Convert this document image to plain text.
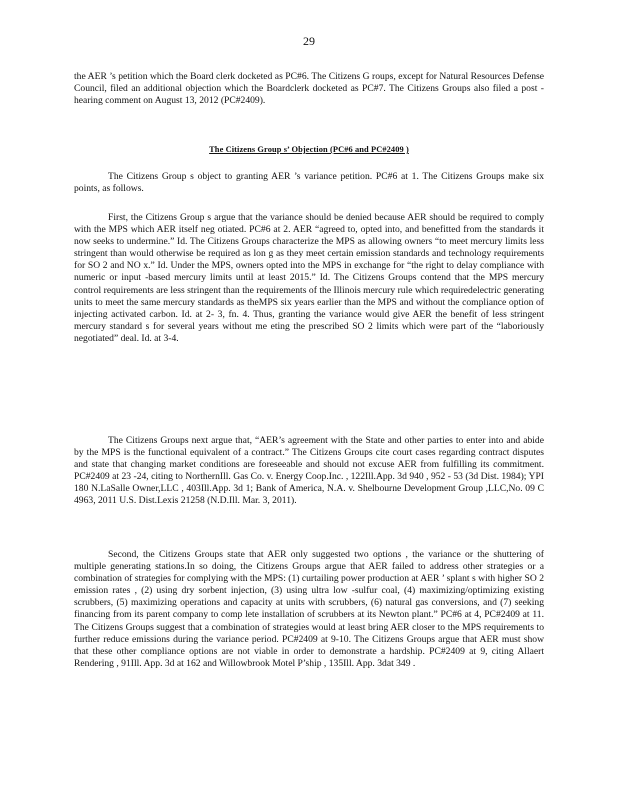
29

the AER ’s petition which the Board clerk docketed as PC#6. The Citizens G roups, except for Natural Resources Defense Council, filed an additional objection which the Boardclerk docketed as PC#7. The Citizens Groups also filed a post -hearing comment on August 13, 2012 (PC#2409).

The Citizens Group s’ Objection (PC#6 and PC#2409 )

The Citizens Group s object to granting AER ’s variance petition. PC#6 at 1. The Citizens Groups make six points, as follows.

First, the Citizens Group s argue that the variance should be denied because AER should be required to comply with the MPS which AER itself neg otiated. PC#6 at 2. AER “agreed to, opted into, and benefitted from the standards it now seeks to undermine.” Id. The Citizens Groups characterize the MPS as allowing owners “to meet mercury limits less stringent than would otherwise be required as lon g as they meet certain emission standards and technology requirements for SO 2 and NO x.” Id. Under the MPS, owners opted into the MPS in exchange for “the right to delay compliance with numeric or input -based mercury limits until at least 2015.” Id. The Citizens Groups contend that the MPS mercury control requirements are less stringent than the requirements of the Illinois mercury rule which requiredelectric generating units to meet the same mercury standards as theMPS six years earlier than the MPS and without the compliance option of injecting activated carbon. Id. at 2- 3, fn. 4. Thus, granting the variance would give AER the benefit of less stringent mercury standard s for several years without me eting the prescribed SO 2 limits which were part of the “laboriously negotiated” deal. Id. at 3-4.

The Citizens Groups next argue that, “AER’s agreement with the State and other parties to enter into and abide by the MPS is the functional equivalent of a contract.” The Citizens Groups cite court cases regarding contract disputes and state that changing market conditions are foreseeable and should not excuse AER from fulfilling its commitment. PC#2409 at 23 -24, citing to NorthernIll. Gas Co. v. Energy Coop.Inc. , 122Ill.App. 3d 940 , 952 - 53 (3d Dist. 1984); YPI 180 N.LaSalle Owner,LLC , 403Ill.App. 3d 1; Bank of America, N.A. v. Shelbourne Development Group ,LLC,No. 09 C 4963, 2011 U.S. Dist.Lexis 21258 (N.D.Ill. Mar. 3, 2011).

Second, the Citizens Groups state that AER only suggested two options , the variance or the shuttering of multiple generating stations.In so doing, the Citizens Groups argue that AER failed to address other strategies or a combination of strategies for complying with the MPS: (1) curtailing power production at AER ’ splant s with higher SO 2 emission rates , (2) using dry sorbent injection, (3) using ultra low -sulfur coal, (4) maximizing/optimizing existing scrubbers, (5) maximizing operations and capacity at units with scrubbers, (6) natural gas conversions, and (7) seeking financing from its parent company to comp lete installation of scrubbers at its Newton plant.” PC#6 at 4, PC#2409 at 11. The Citizens Groups suggest that a combination of strategies would at least bring AER closer to the MPS requirements to further reduce emissions during the variance period. PC#2409 at 9-10. The Citizens Groups argue that AER must show that these other compliance options are not viable in order to demonstrate a hardship. PC#2409 at 9, citing Allaert Rendering , 91Ill. App. 3d at 162 and Willowbrook Motel P’ship , 135Ill. App. 3dat 349 .
